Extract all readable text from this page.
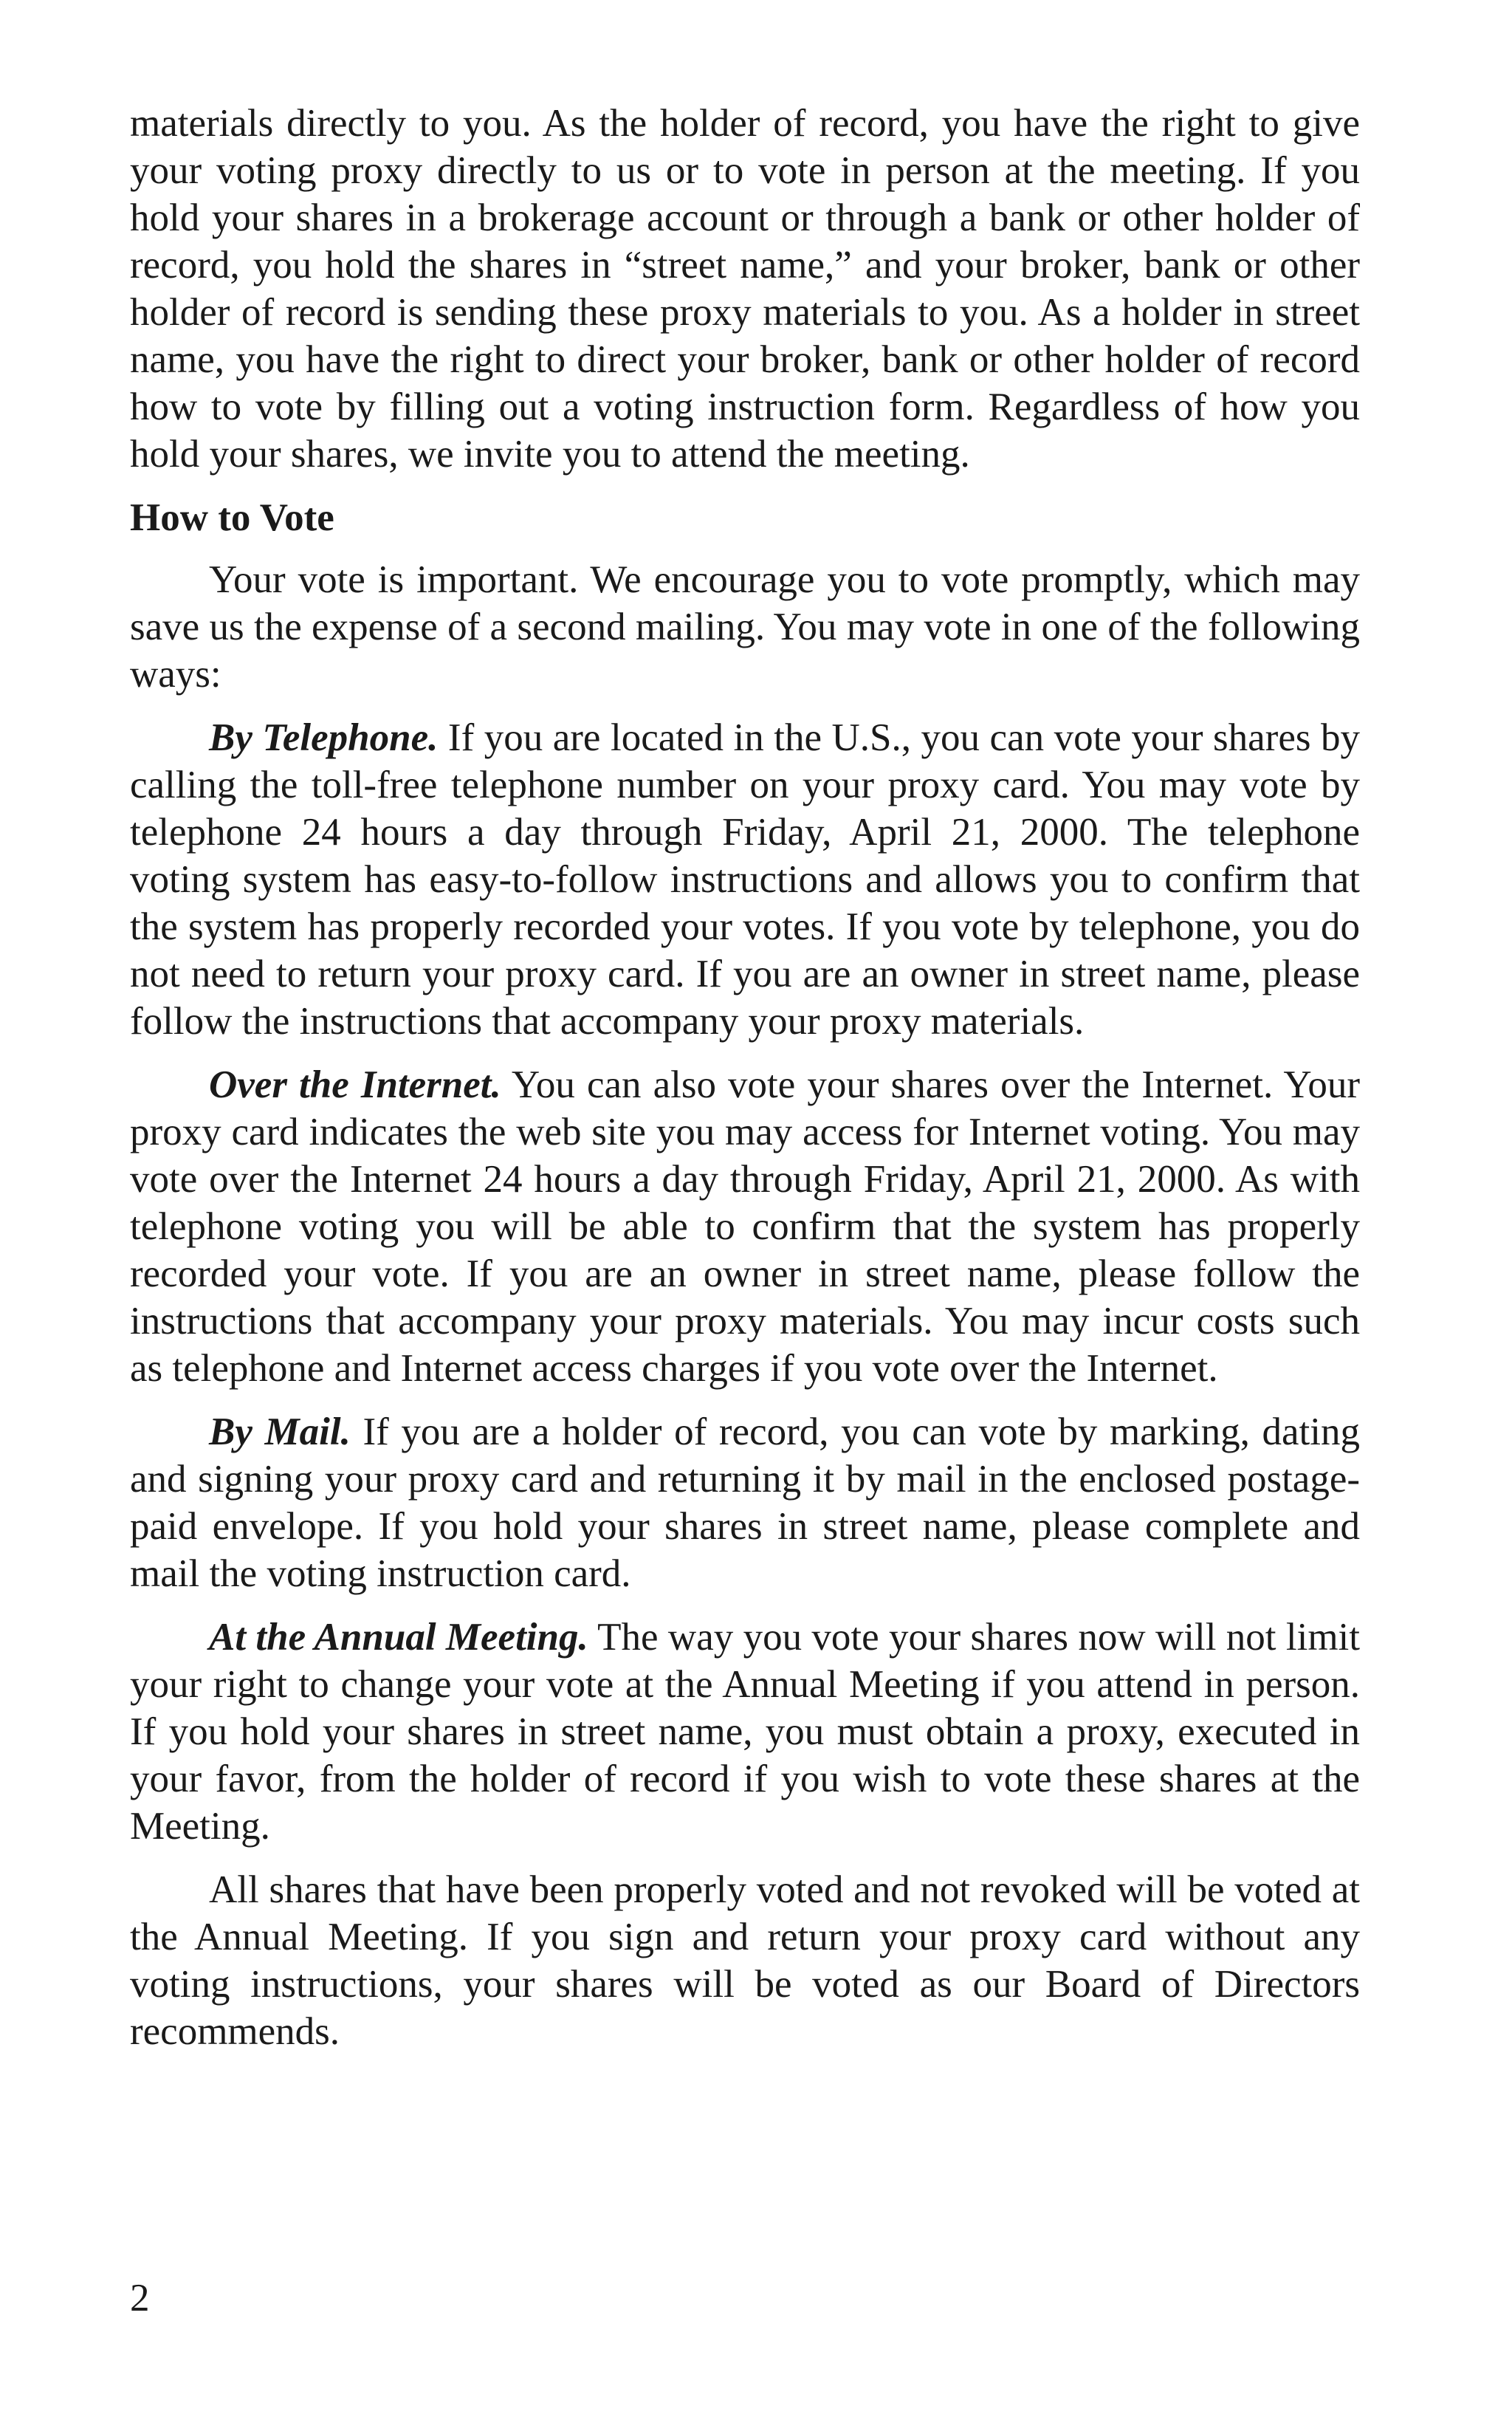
materials directly to you. As the holder of record, you have the right to give your voting proxy directly to us or to vote in person at the meeting. If you hold your shares in a brokerage account or through a bank or other holder of record, you hold the shares in “street name,” and your broker, bank or other holder of record is sending these proxy materials to you. As a holder in street name, you have the right to direct your broker, bank or other holder of record how to vote by filling out a voting instruction form. Regardless of how you hold your shares, we invite you to attend the meeting.

How to Vote

Your vote is important. We encourage you to vote promptly, which may save us the expense of a second mailing. You may vote in one of the following ways:

By Telephone. If you are located in the U.S., you can vote your shares by calling the toll-free telephone number on your proxy card. You may vote by telephone 24 hours a day through Friday, April 21, 2000. The telephone voting system has easy-to-follow instructions and allows you to confirm that the system has properly recorded your votes. If you vote by telephone, you do not need to return your proxy card. If you are an owner in street name, please follow the instructions that accompany your proxy materials.

Over the Internet. You can also vote your shares over the Internet. Your proxy card indicates the web site you may access for Internet voting. You may vote over the Internet 24 hours a day through Friday, April 21, 2000. As with telephone voting you will be able to confirm that the system has properly recorded your vote. If you are an owner in street name, please follow the instructions that accompany your proxy materials. You may incur costs such as telephone and Internet access charges if you vote over the Internet.

By Mail. If you are a holder of record, you can vote by marking, dating and signing your proxy card and returning it by mail in the enclosed postage-paid envelope. If you hold your shares in street name, please complete and mail the voting instruction card.

At the Annual Meeting. The way you vote your shares now will not limit your right to change your vote at the Annual Meeting if you attend in person. If you hold your shares in street name, you must obtain a proxy, executed in your favor, from the holder of record if you wish to vote these shares at the Meeting.

All shares that have been properly voted and not revoked will be voted at the Annual Meeting. If you sign and return your proxy card without any voting instructions, your shares will be voted as our Board of Directors recommends.

2
